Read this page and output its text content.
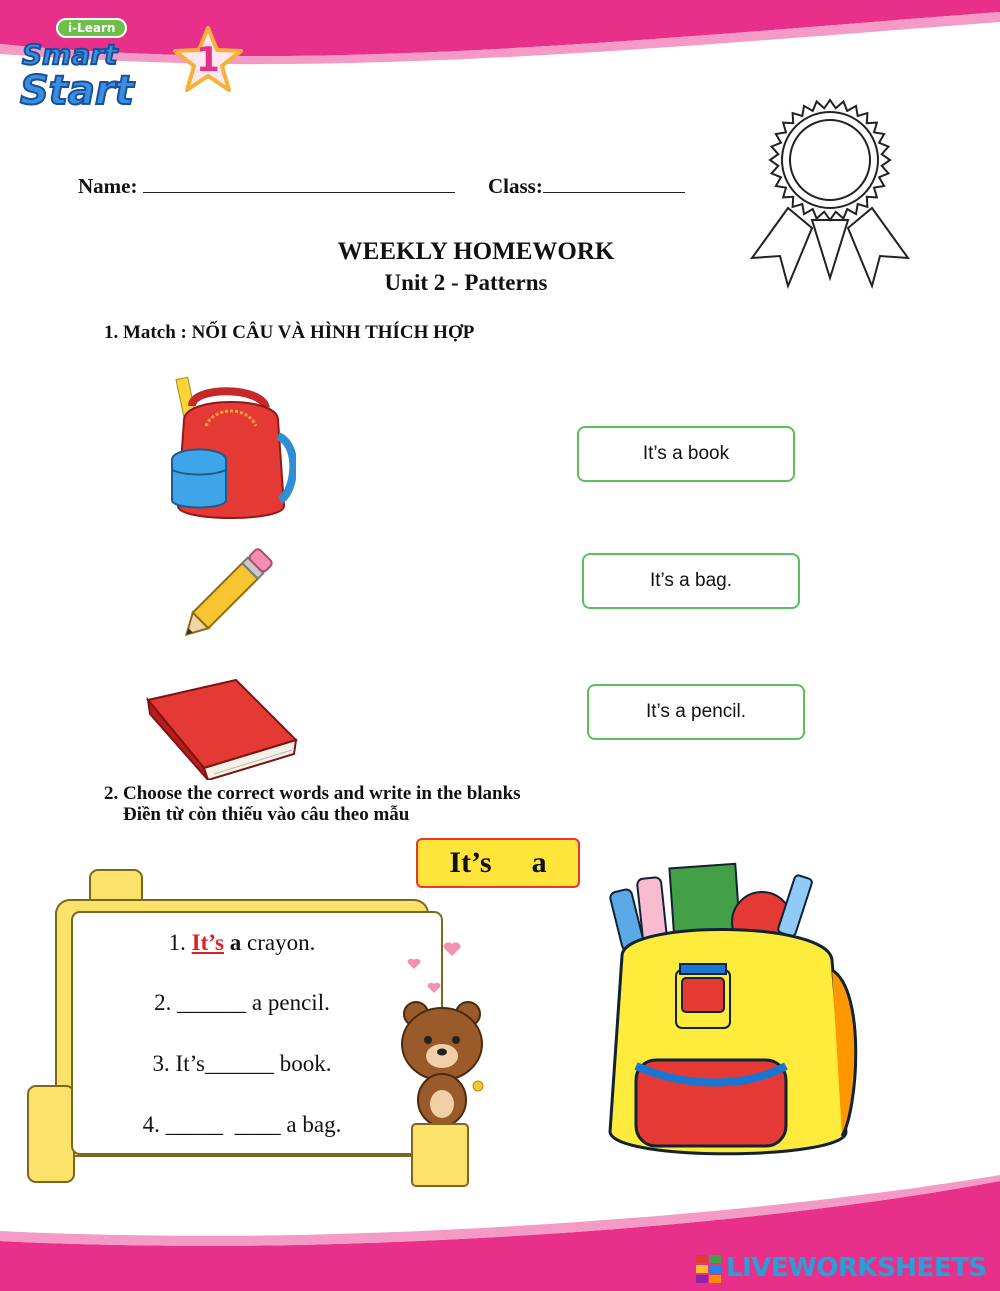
i-Learn
Smart
Start
1
Name:	Class:
WEEKLY HOMEWORK
Unit 2 - Patterns
1. Match : NỐI CÂU VÀ HÌNH THÍCH HỢP
It’s a book
It’s a bag.
It’s a pencil.
2. Choose the correct words and write in the blanks
Điền từ còn thiếu vào câu theo mẫu
It’s a
1. It’s a crayon.
2. ______ a pencil.
3. It’s______ book.
4. _____ ____ a bag.
LIVEWORKSHEETS
